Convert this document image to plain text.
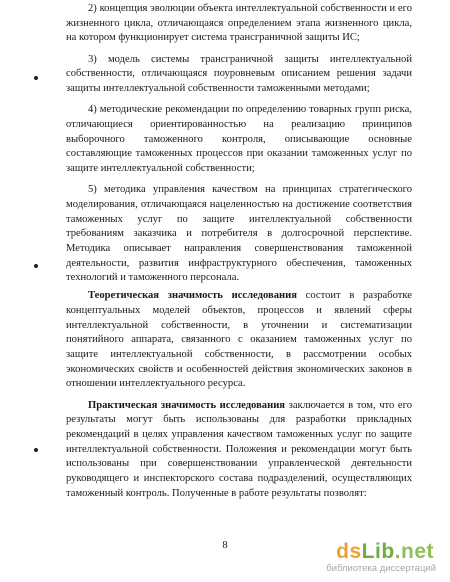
2) концепция эволюции объекта интеллектуальной собственности и его жизненного цикла, отличающаяся определением этапа жизненного цикла, на котором функционирует система трансграничной защиты ИС;

3) модель системы трансграничной защиты интеллектуальной собственности, отличающаяся поуровневым описанием решения задачи защиты интеллектуальной собственности таможенными методами;

4) методические рекомендации по определению товарных групп риска, отличающиеся ориентированностью на реализацию принципов выборочного таможенного контроля, описывающие основные составляющие таможенных процессов при оказании таможенных услуг по защите интеллектуальной собственности;

5) методика управления качеством на принципах стратегического моделирования, отличающаяся нацеленностью на достижение соответствия таможенных услуг по защите интеллектуальной собственности требованиям заказчика и потребителя в долгосрочной перспективе. Методика описывает направления совершенствования таможенной деятельности, развития инфраструктурного обеспечения, таможенных технологий и таможенного персонала.

Теоретическая значимость исследования состоит в разработке концептуальных моделей объектов, процессов и явлений сферы интеллектуальной собственности, в уточнении и систематизации понятийного аппарата, связанного с оказанием таможенных услуг по защите интеллектуальной собственности, в рассмотрении особых экономических свойств и особенностей действия экономических законов в отношении интеллектуального ресурса.

Практическая значимость исследования заключается в том, что его результаты могут быть использованы для разработки прикладных рекомендаций в целях управления качеством таможенных услуг по защите интеллектуальной собственности. Положения и рекомендации могут быть использованы при совершенствовании управленческой деятельности руководящего и инспекторского состава подразделений, осуществляющих таможенный контроль. Полученные в работе результаты позволят:

8	dsLib.net
библиотека диссертаций
